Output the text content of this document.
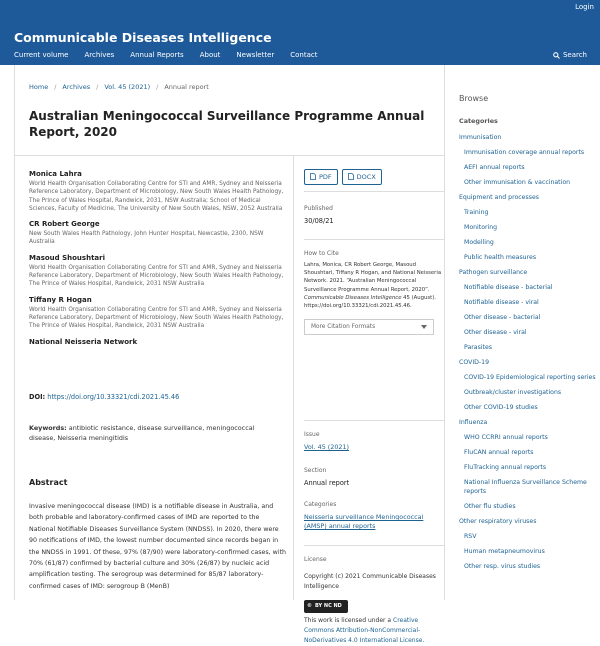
Login
Communicable Diseases Intelligence
Current volume Archives Annual Reports About Newsletter Contact	Search
Home / Archives / Vol. 45 (2021) / Annual report
Australian Meningococcal Surveillance Programme Annual Report, 2020
Monica Lahra
World Health Organisation Collaborating Centre for STI and AMR, Sydney and Neisseria Reference Laboratory, Department of Microbiology, New South Wales Health Pathology, The Prince of Wales Hospital, Randwick, 2031, NSW Australia; School of Medical Sciences, Faculty of Medicine, The University of New South Wales, NSW, 2052 Australia
CR Robert George
New South Wales Health Pathology, John Hunter Hospital, Newcastle, 2300, NSW Australia
Masoud Shoushtari
World Health Organisation Collaborating Centre for STI and AMR, Sydney and Neisseria Reference Laboratory, Department of Microbiology, New South Wales Health Pathology, The Prince of Wales Hospital, Randwick, 2031 NSW Australia
Tiffany R Hogan
World Health Organisation Collaborating Centre for STI and AMR, Sydney and Neisseria Reference Laboratory, Department of Microbiology, New South Wales Health Pathology, The Prince of Wales Hospital, Randwick, 2031 NSW Australia
National Neisseria Network
DOI: https://doi.org/10.33321/cdi.2021.45.46
Keywords: antibiotic resistance, disease surveillance, meningococcal disease, Neisseria meningitidis
Abstract
Invasive meningococcal disease (IMD) is a notifiable disease in Australia, and both probable and laboratory-confirmed cases of IMD are reported to the National Notifiable Diseases Surveillance System (NNDSS). In 2020, there were 90 notifications of IMD, the lowest number documented since records began in the NNDSS in 1991. Of these, 97% (87/90) were laboratory-confirmed cases, with 70% (61/87) confirmed by bacterial culture and 30% (26/87) by nucleic acid amplification testing. The serogroup was determined for 85/87 laboratory-confirmed cases of IMD: serogroup B (MenB)
PDF	DOCX
Published
30/08/21
How to Cite
Lahra, Monica, CR Robert George, Masoud Shoushtari, Tiffany R Hogan, and National Neisseria Network. 2021. “Australian Meningococcal Surveillance Programme Annual Report, 2020”. Communicable Diseases Intelligence 45 (August). https://doi.org/10.33321/cdi.2021.45.46.
More Citation Formats
Issue
Vol. 45 (2021)
Section
Annual report
Categories
Neisseria surveillance Meningococcal (AMSP) annual reports
License
Copyright (c) 2021 Communicable Diseases Intelligence
© BY NC ND
This work is licensed under a Creative Commons Attribution-NonCommercial-NoDerivatives 4.0 International License.
Browse
Categories
Immunisation
Immunisation coverage annual reports
AEFI annual reports
Other immunisation & vaccination
Equipment and processes
Training
Monitoring
Modelling
Public health measures
Pathogen surveillance
Notifiable disease - bacterial
Notifiable disease - viral
Other disease - bacterial
Other disease - viral
Parasites
COVID-19
COVID-19 Epidemiological reporting series
Outbreak/cluster investigations
Other COVID-19 studies
Influenza
WHO CCRRI annual reports
FluCAN annual reports
FluTracking annual reports
National Influenza Surveillance Scheme reports
Other flu studies
Other respiratory viruses
RSV
Human metapneumovirus
Other resp. virus studies
